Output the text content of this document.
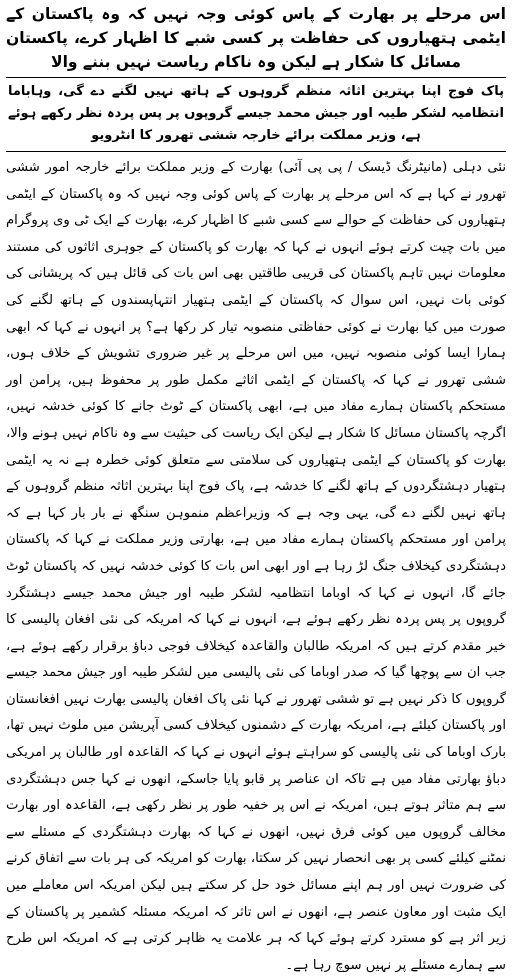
اس مرحلے پر بھارت کے پاس کوئی وجہ نہیں کہ وہ پاکستان کے ایٹمی ہتھیاروں کی حفاظت پر کسی شبے کا اظہار کرے، پاکستان مسائل کا شکار ہے لیکن وہ ناکام ریاست نہیں بننے والا
پاک فوج اپنا بہترین اثاثہ منظم گروہوں کے ہاتھ نہیں لگنے دے گی، وہاباما انتظامیہ لشکر طیبہ اور جیش محمد جیسے گروپوں پر پس پردہ نظر رکھے ہوئے ہے، وزیر مملکت برائے خارجہ ششی تھرور کا انٹرویو

نئی دہلی (مانیٹرنگ ڈیسک / پی پی آئی) بھارت کے وزیر مملکت برائے خارجہ امور ششی تھرور نے کہا ہے کہ اس مرحلے پر بھارت کے پاس کوئی وجہ نہیں کہ وہ پاکستان کے ایٹمی ہتھیاروں کی حفاظت کے حوالے سے کسی شبے کا اظہار کرے، بھارت کے ایک ٹی وی پروگرام میں بات چیت کرتے ہوئے انہوں نے کہا کہ بھارت کو پاکستان کے جوہری اثاثوں کی مستند معلومات نہیں تاہم پاکستان کی قریبی طاقتیں بھی اس بات کی قائل ہیں کہ پریشانی کی کوئی بات نہیں، اس سوال کہ پاکستان کے ایٹمی ہتھیار انتہاپسندوں کے ہاتھ لگنے کی صورت میں کیا بھارت نے کوئی حفاظتی منصوبہ تیار کر رکھا ہے؟ پر انہوں نے کہا کہ ابھی ہمارا ایسا کوئی منصوبہ نہیں، میں اس مرحلے پر غیر ضروری تشویش کے خلاف ہوں، ششی تھرور نے کہا کہ پاکستان کے ایٹمی اثاثے مکمل طور پر محفوظ ہیں، پرامن اور مستحکم پاکستان ہمارے مفاد میں ہے، ابھی پاکستان کے ٹوٹ جانے کا کوئی خدشہ نہیں، اگرچہ پاکستان مسائل کا شکار ہے لیکن ایک ریاست کی حیثیت سے وہ ناکام نہیں ہونے والا، بھارت کو پاکستان کے ایٹمی ہتھیاروں کی سلامتی سے متعلق کوئی خطرہ ہے نہ یہ ایٹمی ہتھیار دہشتگردوں کے ہاتھ لگنے کا خدشہ ہے، پاک فوج اپنا بہترین اثاثہ منظم گروہوں کے ہاتھ نہیں لگنے دے گی، یہی وجہ ہے کہ وزیراعظم منموہن سنگھ نے بار بار کہا ہے کہ پرامن اور مستحکم پاکستان ہمارے مفاد میں ہے، بھارتی وزیر مملکت نے کہا کہ پاکستان دہشتگردی کیخلاف جنگ لڑ رہا ہے اور ابھی اس بات کا کوئی خدشہ نہیں کہ پاکستان ٹوٹ جائے گا، انہوں نے کہا کہ اوباما انتظامیہ لشکر طیبہ اور جیش محمد جیسے دہشتگرد گروپوں پر پس پردہ نظر رکھے ہوئے ہے، انہوں نے کہا کہ امریکہ کی نئی افغان پالیسی کا خیر مقدم کرتے ہیں کہ امریکہ طالبان والقاعدہ کیخلاف فوجی دباؤ برقرار رکھے ہوئے ہے، جب ان سے پوچھا گیا کہ صدر اوباما کی نئی پالیسی میں لشکر طیبہ اور جیش محمد جیسے گروپوں کا ذکر نہیں ہے تو ششی تھرور نے کہا نئی پاک افغان پالیسی بھارت نہیں افغانستان اور پاکستان کیلئے ہے، امریکہ بھارت کے دشمنوں کیخلاف کسی آپریشن میں ملوث نہیں تھا، بارک اوباما کی نئی پالیسی کو سراہتے ہوئے انہوں نے کہا کہ القاعدہ اور طالبان پر امریکی دباؤ بھارتی مفاد میں ہے تاکہ ان عناصر پر قابو پایا جاسکے، انھوں نے کہا جس دہشتگردی سے ہم متاثر ہوتے ہیں، امریکہ نے اس پر خفیہ طور پر نظر رکھی ہے، القاعدہ اور بھارت مخالف گروپوں میں کوئی فرق نہیں، انھوں نے کہا کہ بھارت دہشتگردی کے مسئلے سے نمٹنے کیلئے کسی پر بھی انحصار نہیں کر سکتا، بھارت کو امریکہ کی ہر بات سے اتفاق کرنے کی ضرورت نہیں اور ہم اپنے مسائل خود حل کر سکتے ہیں لیکن امریکہ اس معاملے میں ایک مثبت اور معاون عنصر ہے، انھوں نے اس تاثر کہ امریکہ مسئلہ کشمیر پر پاکستان کے زیر اثر ہے کو مسترد کرتے ہوئے کہا کہ ہر علامت یہ ظاہر کرتی ہے کہ امریکہ اس طرح سے ہمارے مسئلے پر نہیں سوچ رہا ہے۔
